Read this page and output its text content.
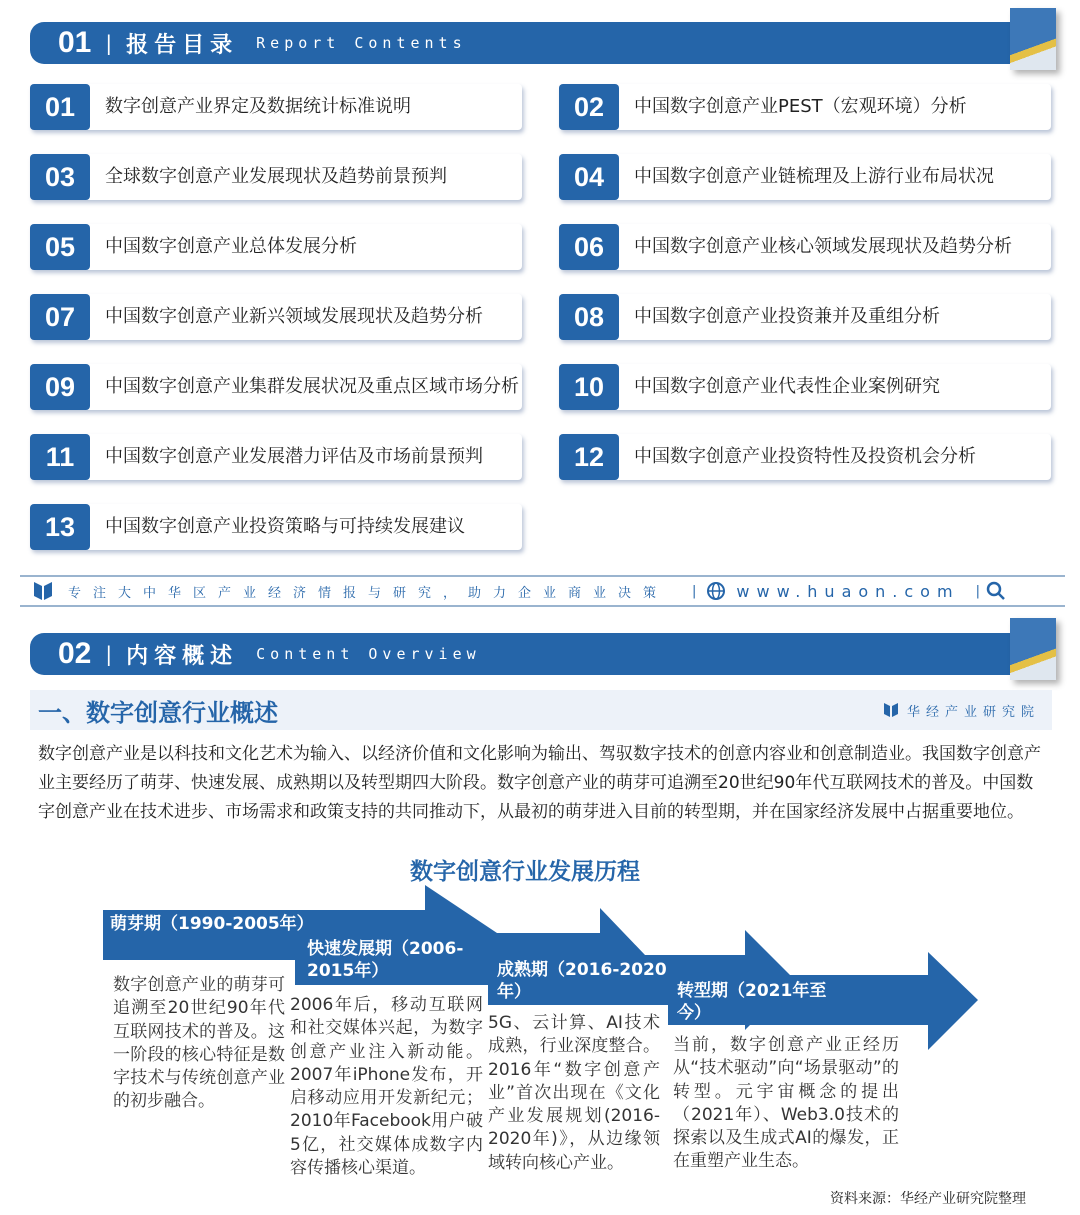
01 | 报告目录 Report Contents
01	数字创意产业界定及数据统计标准说明	02	中国数字创意产业PEST（宏观环境）分析
03	全球数字创意产业发展现状及趋势前景预判	04	中国数字创意产业链梳理及上游行业布局状况
05	中国数字创意产业总体发展分析	06	中国数字创意产业核心领域发展现状及趋势分析
07	中国数字创意产业新兴领域发展现状及趋势分析	08	中国数字创意产业投资兼并及重组分析
09	中国数字创意产业集群发展状况及重点区域市场分析	10	中国数字创意产业代表性企业案例研究
11	中国数字创意产业发展潜力评估及市场前景预判	12	中国数字创意产业投资特性及投资机会分析
13	中国数字创意产业投资策略与可持续发展建议
专注大中华区产业经济情报与研究，助力企业商业决策 |	www.huaon.com |
02 | 内容概述 Content Overview
一、数字创意行业概述	华经产业研究院
数字创意产业是以科技和文化艺术为输入、以经济价值和文化影响为输出、驾驭数字技术的创意内容业和创意制造业。我国数字创意产业主要经历了萌芽、快速发展、成熟期以及转型期四大阶段。数字创意产业的萌芽可追溯至20世纪90年代互联网技术的普及。中国数字创意产业在技术进步、市场需求和政策支持的共同推动下，从最初的萌芽进入目前的转型期，并在国家经济发展中占据重要地位。
数字创意行业发展历程
萌芽期（1990-2005年）
快速发展期（2006-2015年）	成熟期（2016-2020年）	转型期（2021年至今）
数字创意产业的萌芽可追溯至20世纪90年代互联网技术的普及。这一阶段的核心特征是数字技术与传统创意产业的初步融合。
2006年后，移动互联网和社交媒体兴起，为数字创意产业注入新动能。2007年iPhone发布，开启移动应用开发新纪元；2010年Facebook用户破5亿，社交媒体成数字内容传播核心渠道。
5G、云计算、AI技术成熟，行业深度整合。2016年“数字创意产业”首次出现在《文化产业发展规划(2016-2020年)》，从边缘领域转向核心产业。
当前，数字创意产业正经历从“技术驱动”向“场景驱动”的转型。元宇宙概念的提出（2021年）、Web3.0技术的探索以及生成式AI的爆发，正在重塑产业生态。
资料来源：华经产业研究院整理
